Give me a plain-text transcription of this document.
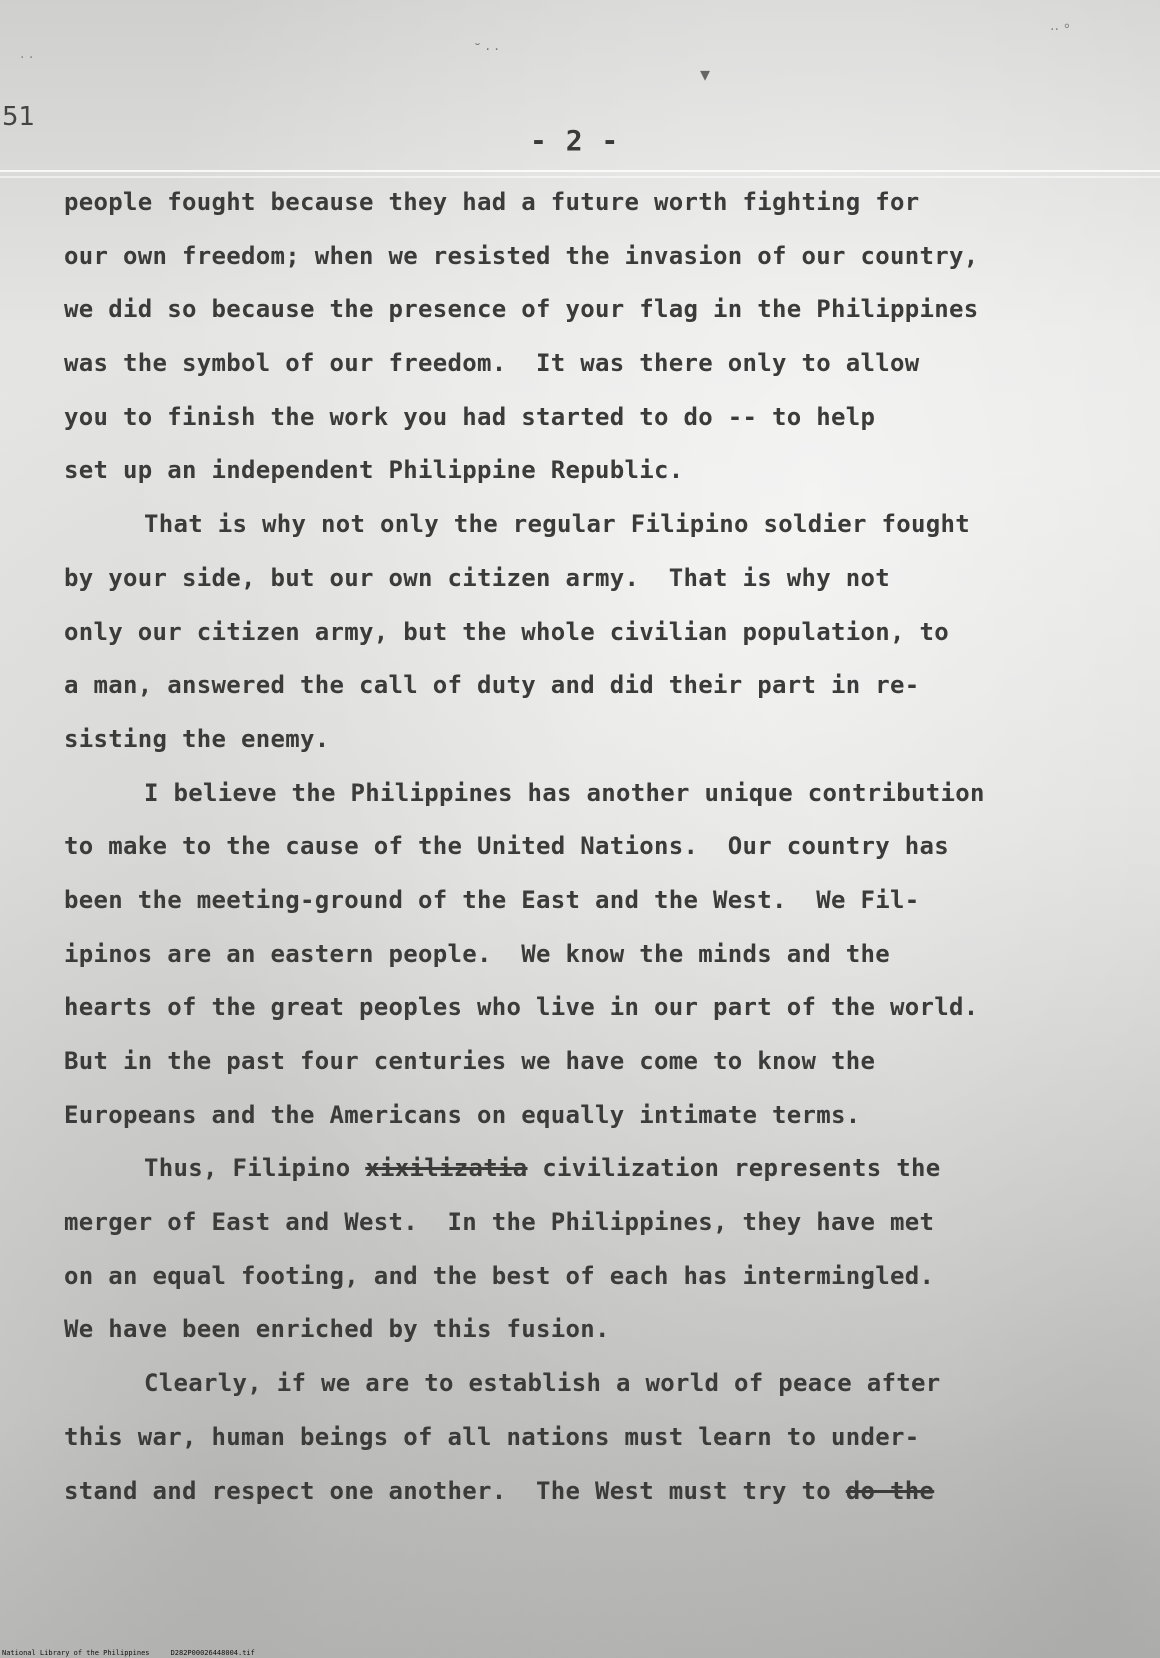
51
˘ · ·
▾
·· °
· ·
- 2 -
people fought because they had a future worth fighting for
our own freedom; when we resisted the invasion of our country,
we did so because the presence of your flag in the Philippines
was the symbol of our freedom.  It was there only to allow
you to finish the work you had started to do -- to help
set up an independent Philippine Republic.
That is why not only the regular Filipino soldier fought
by your side, but our own citizen army.  That is why not
only our citizen army, but the whole civilian population, to
a man, answered the call of duty and did their part in re-
sisting the enemy.
I believe the Philippines has another unique contribution
to make to the cause of the United Nations.  Our country has
been the meeting-ground of the East and the West.  We Fil-
ipinos are an eastern people.  We know the minds and the
hearts of the great peoples who live in our part of the world.
But in the past four centuries we have come to know the
Europeans and the Americans on equally intimate terms.
Thus, Filipino xixilizatia civilization represents the
merger of East and West.  In the Philippines, they have met
on an equal footing, and the best of each has intermingled.
We have been enriched by this fusion.
Clearly, if we are to establish a world of peace after
this war, human beings of all nations must learn to under-
stand and respect one another.  The West must try to do the
National Library of the Philippines     D282P00026448004.tif
